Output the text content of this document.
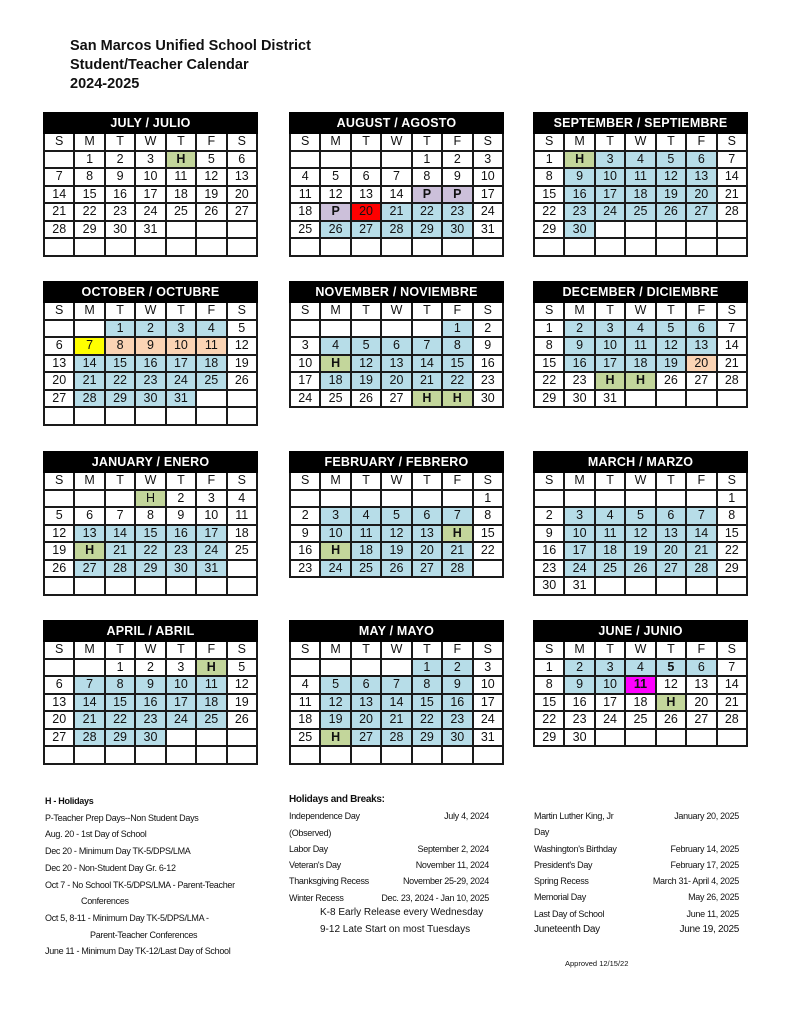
San Marcos Unified School District
Student/Teacher Calendar
2024-2025
JULY / JULIO						
S	M	T	W	T	F	S
	1	2	3	H	5	6
7	8	9	10	11	12	13
14	15	16	17	18	19	20
21	22	23	24	25	26	27
28	29	30	31			

AUGUST / AGOSTO						
S	M	T	W	T	F	S
				1	2	3
4	5	6	7	8	9	10
11	12	13	14	P	P	17
18	P	20	21	22	23	24
25	26	27	28	29	30	31

SEPTEMBER / SEPTIEMBRE						
S	M	T	W	T	F	S
1	H	3	4	5	6	7
8	9	10	11	12	13	14
15	16	17	18	19	20	21
22	23	24	25	26	27	28
29	30					

OCTOBER / OCTUBRE						
S	M	T	W	T	F	S
		1	2	3	4	5
6	7	8	9	10	11	12
13	14	15	16	17	18	19
20	21	22	23	24	25	26
27	28	29	30	31		

NOVEMBER / NOVIEMBRE						
S	M	T	W	T	F	S
					1	2
3	4	5	6	7	8	9
10	H	12	13	14	15	16
17	18	19	20	21	22	23
24	25	26	27	H	H	30
DECEMBER / DICIEMBRE						
S	M	T	W	T	F	S
1	2	3	4	5	6	7
8	9	10	11	12	13	14
15	16	17	18	19	20	21
22	23	H	H	26	27	28
29	30	31				
JANUARY / ENERO						
S	M	T	W	T	F	S
			H	2	3	4
5	6	7	8	9	10	11
12	13	14	15	16	17	18
19	H	21	22	23	24	25
26	27	28	29	30	31	

FEBRUARY / FEBRERO						
S	M	T	W	T	F	S
						1
2	3	4	5	6	7	8
9	10	11	12	13	H	15
16	H	18	19	20	21	22
23	24	25	26	27	28	
MARCH / MARZO						
S	M	T	W	T	F	S
						1
2	3	4	5	6	7	8
9	10	11	12	13	14	15
16	17	18	19	20	21	22
23	24	25	26	27	28	29
30	31					
APRIL / ABRIL						
S	M	T	W	T	F	S
		1	2	3	H	5
6	7	8	9	10	11	12
13	14	15	16	17	18	19
20	21	22	23	24	25	26
27	28	29	30			

MAY / MAYO						
S	M	T	W	T	F	S
				1	2	3
4	5	6	7	8	9	10
11	12	13	14	15	16	17
18	19	20	21	22	23	24
25	H	27	28	29	30	31

JUNE / JUNIO						
S	M	T	W	T	F	S
1	2	3	4	5	6	7
8	9	10	11	12	13	14
15	16	17	18	H	20	21
22	23	24	25	26	27	28
29	30					
H - Holidays
P-Teacher Prep Days--Non Student Days
Aug. 20 - 1st Day of School
Dec 20 - Minimum Day TK-5/DPS/LMA
Dec 20 - Non-Student Day Gr. 6-12
Oct 7 - No School TK-5/DPS/LMA - Parent-Teacher
Conferences
Oct 5, 8-11 - Minimum Day TK-5/DPS/LMA -
Parent-Teacher Conferences
June 11 - Minimum Day TK-12/Last Day of School
Holidays and Breaks:
Independence Day (Observed)
July 4, 2024
Labor Day	September 2, 2024
Veteran's Day	November 11, 2024
Thanksgiving Recess	November 25-29, 2024
Winter Recess	Dec. 23, 2024 - Jan 10, 2025
Martin Luther King, Jr Day
January 20, 2025
Washington's Birthday	February 14, 2025
President's Day	February 17, 2025
Spring Recess	March 31- April 4, 2025
Memorial Day	May 26, 2025
Last Day of School	June 11, 2025
Juneteenth Day	June 19, 2025
K-8 Early Release every Wednesday
9-12 Late Start on most Tuesdays
Approved 12/15/22
